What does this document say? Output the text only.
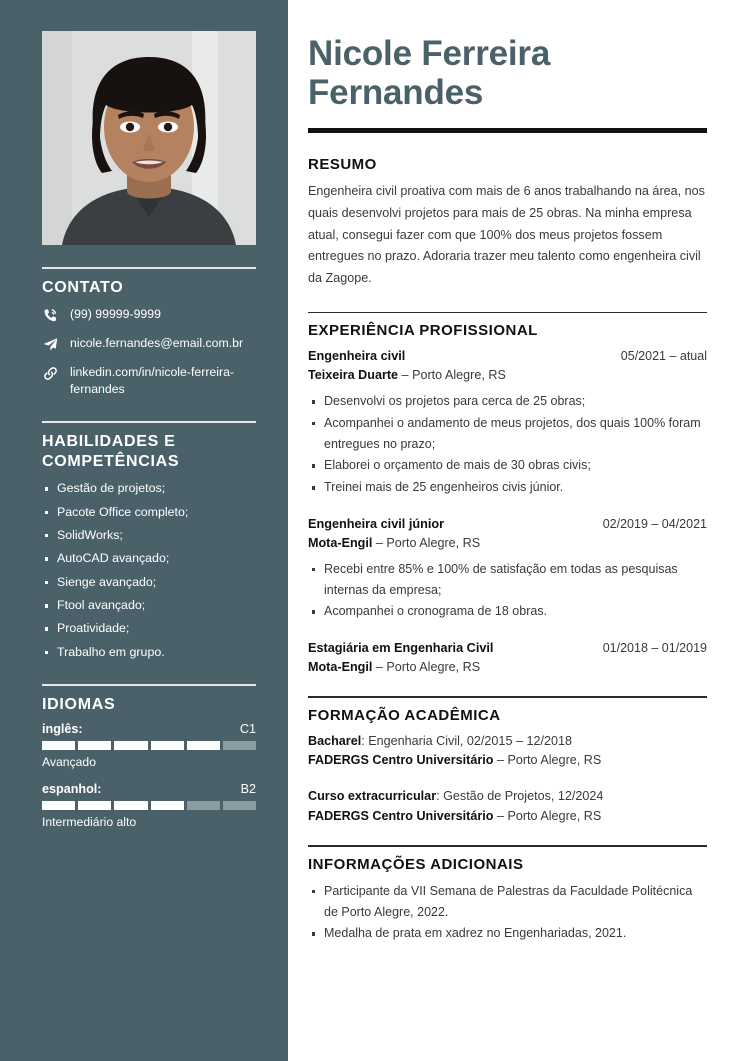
CONTATO
(99) 99999-9999
nicole.fernandes@email.com.br
linkedin.com/in/nicole-ferreira-fernandes
HABILIDADES E COMPETÊNCIAS
Gestão de projetos;
Pacote Office completo;
SolidWorks;
AutoCAD avançado;
Sienge avançado;
Ftool avançado;
Proatividade;
Trabalho em grupo.
IDIOMAS
inglês:	C1
Avançado
espanhol:	B2
Intermediário alto
Nicole Ferreira
Fernandes
RESUMO

Engenheira civil proativa com mais de 6 anos trabalhando na área, nos quais desenvolvi projetos para mais de 25 obras. Na minha empresa atual, consegui fazer com que 100% dos meus projetos fossem entregues no prazo. Adoraria trazer meu talento como engenheira civil da Zagope.

EXPERIÊNCIA PROFISSIONAL
Engenheira civil	05/2021 – atual
Teixeira Duarte – Porto Alegre, RS
Desenvolvi os projetos para cerca de 25 obras;
Acompanhei o andamento de meus projetos, dos quais 100% foram entregues no prazo;
Elaborei o orçamento de mais de 30 obras civis;
Treinei mais de 25 engenheiros civis júnior.
Engenheira civil júnior	02/2019 – 04/2021
Mota-Engil – Porto Alegre, RS
Recebi entre 85% e 100% de satisfação em todas as pesquisas internas da empresa;
Acompanhei o cronograma de 18 obras.
Estagiária em Engenharia Civil	01/2018 – 01/2019
Mota-Engil – Porto Alegre, RS
FORMAÇÃO ACADÊMICA
Bacharel: Engenharia Civil, 02/2015 – 12/2018
FADERGS Centro Universitário – Porto Alegre, RS
Curso extracurricular: Gestão de Projetos, 12/2024
FADERGS Centro Universitário – Porto Alegre, RS
INFORMAÇÕES ADICIONAIS
Participante da VII Semana de Palestras da Faculdade Politécnica de Porto Alegre, 2022.
Medalha de prata em xadrez no Engenhariadas, 2021.
